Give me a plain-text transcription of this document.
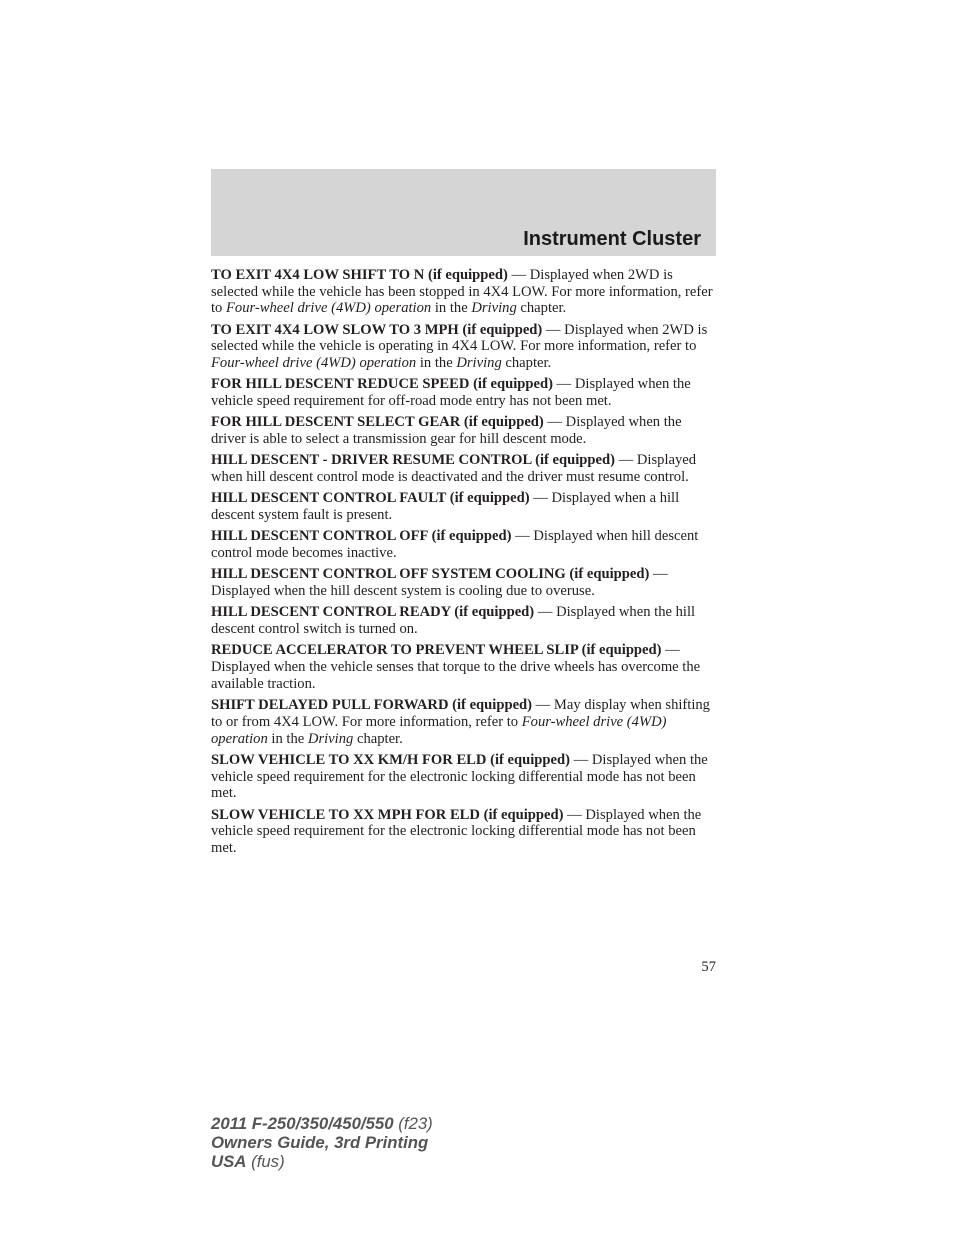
Instrument Cluster

TO EXIT 4X4 LOW SHIFT TO N (if equipped) — Displayed when 2WD is selected while the vehicle has been stopped in 4X4 LOW. For more information, refer to Four-wheel drive (4WD) operation in the Driving chapter.

TO EXIT 4X4 LOW SLOW TO 3 MPH (if equipped) — Displayed when 2WD is selected while the vehicle is operating in 4X4 LOW. For more information, refer to Four-wheel drive (4WD) operation in the Driving chapter.

FOR HILL DESCENT REDUCE SPEED (if equipped) — Displayed when the vehicle speed requirement for off-road mode entry has not been met.

FOR HILL DESCENT SELECT GEAR (if equipped) — Displayed when the driver is able to select a transmission gear for hill descent mode.

HILL DESCENT - DRIVER RESUME CONTROL (if equipped) — Displayed when hill descent control mode is deactivated and the driver must resume control.

HILL DESCENT CONTROL FAULT (if equipped) — Displayed when a hill descent system fault is present.

HILL DESCENT CONTROL OFF (if equipped) — Displayed when hill descent control mode becomes inactive.

HILL DESCENT CONTROL OFF SYSTEM COOLING (if equipped) — Displayed when the hill descent system is cooling due to overuse.

HILL DESCENT CONTROL READY (if equipped) — Displayed when the hill descent control switch is turned on.

REDUCE ACCELERATOR TO PREVENT WHEEL SLIP (if equipped) — Displayed when the vehicle senses that torque to the drive wheels has overcome the available traction.

SHIFT DELAYED PULL FORWARD (if equipped) — May display when shifting to or from 4X4 LOW. For more information, refer to Four-wheel drive (4WD) operation in the Driving chapter.

SLOW VEHICLE TO XX KM/H FOR ELD (if equipped) — Displayed when the vehicle speed requirement for the electronic locking differential mode has not been met.

SLOW VEHICLE TO XX MPH FOR ELD (if equipped) — Displayed when the vehicle speed requirement for the electronic locking differential mode has not been met.

57
2011 F-250/350/450/550 (f23)
Owners Guide, 3rd Printing
USA (fus)
